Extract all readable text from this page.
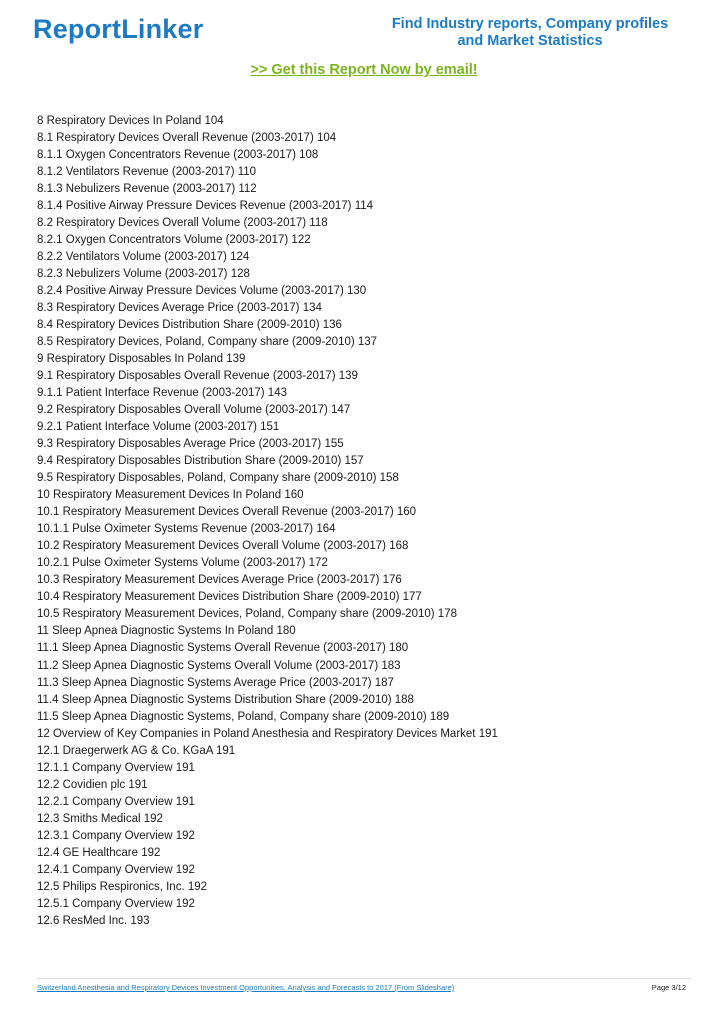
ReportLinker	Find Industry reports, Company profiles and Market Statistics
>> Get this Report Now by email!
8 Respiratory Devices In Poland 104
8.1 Respiratory Devices Overall Revenue (2003-2017) 104
8.1.1 Oxygen Concentrators Revenue (2003-2017) 108
8.1.2 Ventilators Revenue (2003-2017) 110
8.1.3 Nebulizers Revenue (2003-2017) 112
8.1.4 Positive Airway Pressure Devices Revenue (2003-2017) 114
8.2 Respiratory Devices Overall Volume (2003-2017) 118
8.2.1 Oxygen Concentrators Volume (2003-2017) 122
8.2.2 Ventilators Volume (2003-2017) 124
8.2.3 Nebulizers Volume (2003-2017) 128
8.2.4 Positive Airway Pressure Devices Volume (2003-2017) 130
8.3 Respiratory Devices Average Price (2003-2017) 134
8.4 Respiratory Devices Distribution Share (2009-2010) 136
8.5 Respiratory Devices, Poland, Company share (2009-2010) 137
9 Respiratory Disposables In Poland 139
9.1 Respiratory Disposables Overall Revenue (2003-2017) 139
9.1.1 Patient Interface Revenue (2003-2017) 143
9.2 Respiratory Disposables Overall Volume (2003-2017) 147
9.2.1 Patient Interface Volume (2003-2017) 151
9.3 Respiratory Disposables Average Price (2003-2017) 155
9.4 Respiratory Disposables Distribution Share (2009-2010) 157
9.5 Respiratory Disposables, Poland, Company share (2009-2010) 158
10 Respiratory Measurement Devices In Poland 160
10.1 Respiratory Measurement Devices Overall Revenue (2003-2017) 160
10.1.1 Pulse Oximeter Systems Revenue (2003-2017) 164
10.2 Respiratory Measurement Devices Overall Volume (2003-2017) 168
10.2.1 Pulse Oximeter Systems Volume (2003-2017) 172
10.3 Respiratory Measurement Devices Average Price (2003-2017) 176
10.4 Respiratory Measurement Devices Distribution Share (2009-2010) 177
10.5 Respiratory Measurement Devices, Poland, Company share (2009-2010) 178
11 Sleep Apnea Diagnostic Systems In Poland 180
11.1 Sleep Apnea Diagnostic Systems Overall Revenue (2003-2017) 180
11.2 Sleep Apnea Diagnostic Systems Overall Volume (2003-2017) 183
11.3 Sleep Apnea Diagnostic Systems Average Price (2003-2017) 187
11.4 Sleep Apnea Diagnostic Systems Distribution Share (2009-2010) 188
11.5 Sleep Apnea Diagnostic Systems, Poland, Company share (2009-2010) 189
12 Overview of Key Companies in Poland Anesthesia and Respiratory Devices Market 191
12.1 Draegerwerk AG & Co. KGaA 191
12.1.1 Company Overview 191
12.2 Covidien plc 191
12.2.1 Company Overview 191
12.3 Smiths Medical 192
12.3.1 Company Overview 192
12.4 GE Healthcare 192
12.4.1 Company Overview 192
12.5 Philips Respironics, Inc. 192
12.5.1 Company Overview 192
12.6 ResMed Inc. 193
Switzerland Anesthesia and Respiratory Devices Investment Opportunities, Analysis and Forecasts to 2017 (From Slideshare)	Page 3/12
